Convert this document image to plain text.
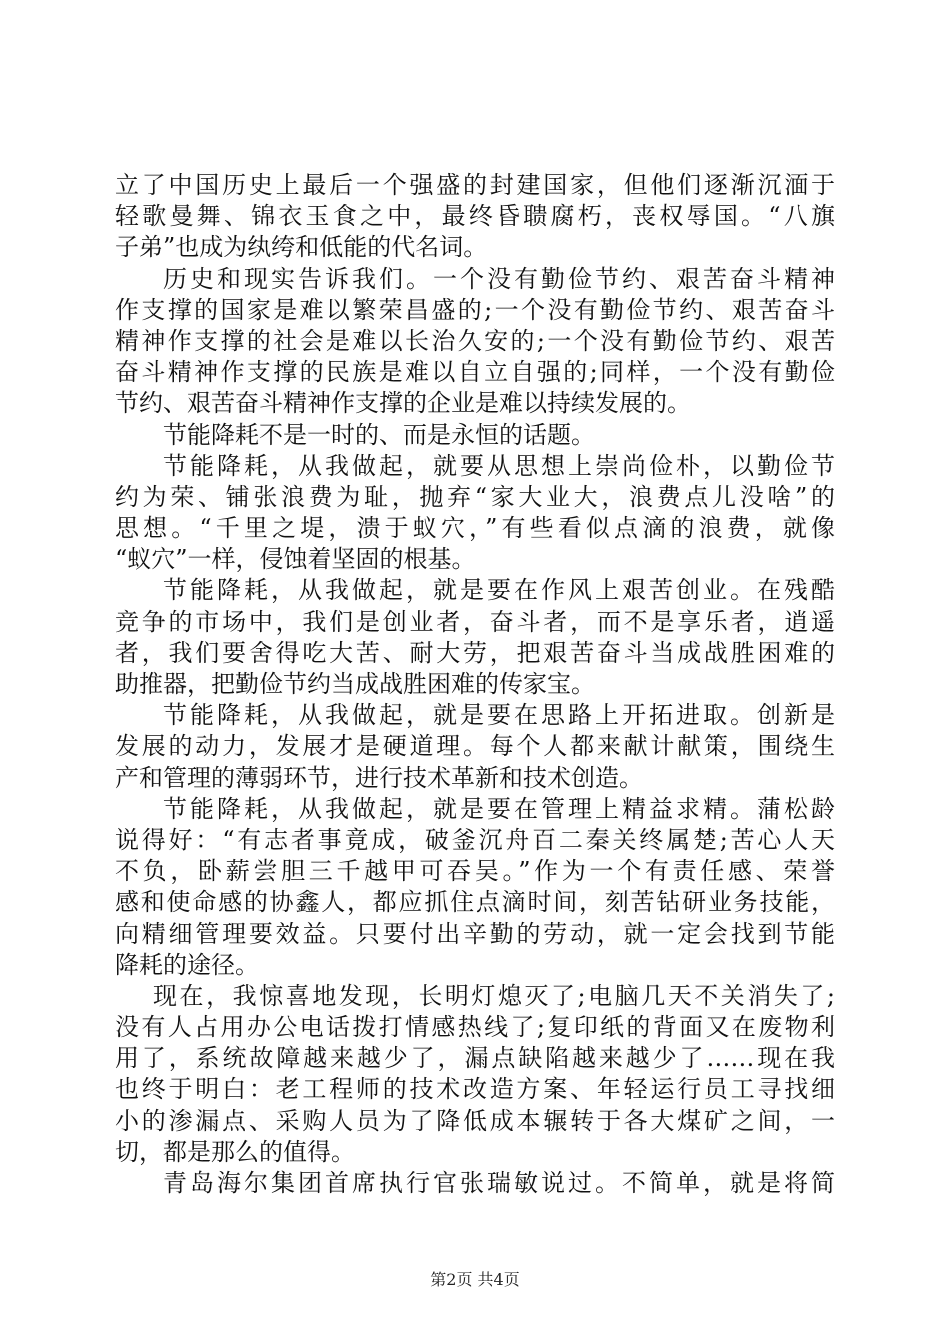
立了中国历史上最后一个强盛的封建国家，但他们逐渐沉湎于
轻歌曼舞、锦衣玉食之中，最终昏聩腐朽，丧权辱国。“八旗
子弟”也成为纨绔和低能的代名词。
历史和现实告诉我们。一个没有勤俭节约、艰苦奋斗精神
作支撑的国家是难以繁荣昌盛的;一个没有勤俭节约、艰苦奋斗
精神作支撑的社会是难以长治久安的;一个没有勤俭节约、艰苦
奋斗精神作支撑的民族是难以自立自强的;同样，一个没有勤俭
节约、艰苦奋斗精神作支撑的企业是难以持续发展的。
节能降耗不是一时的、而是永恒的话题。
节能降耗，从我做起，就要从思想上崇尚俭朴，以勤俭节
约为荣、铺张浪费为耻，抛弃“家大业大，浪费点儿没啥”的
思想。“千里之堤，溃于蚁穴，”有些看似点滴的浪费，就像
“蚁穴”一样，侵蚀着坚固的根基。
节能降耗，从我做起，就是要在作风上艰苦创业。在残酷
竞争的市场中，我们是创业者，奋斗者，而不是享乐者，逍遥
者，我们要舍得吃大苦、耐大劳，把艰苦奋斗当成战胜困难的
助推器，把勤俭节约当成战胜困难的传家宝。
节能降耗，从我做起，就是要在思路上开拓进取。创新是
发展的动力，发展才是硬道理。每个人都来献计献策，围绕生
产和管理的薄弱环节，进行技术革新和技术创造。
节能降耗，从我做起，就是要在管理上精益求精。蒲松龄
说得好：“有志者事竟成，破釜沉舟百二秦关终属楚;苦心人天
不负，卧薪尝胆三千越甲可吞吴。”作为一个有责任感、荣誉
感和使命感的协鑫人，都应抓住点滴时间，刻苦钻研业务技能，
向精细管理要效益。只要付出辛勤的劳动，就一定会找到节能
降耗的途径。
现在，我惊喜地发现，长明灯熄灭了;电脑几天不关消失了;
没有人占用办公电话拨打情感热线了;复印纸的背面又在废物利
用了，系统故障越来越少了，漏点缺陷越来越少了……现在我
也终于明白：老工程师的技术改造方案、年轻运行员工寻找细
小的渗漏点、采购人员为了降低成本辗转于各大煤矿之间，一
切，都是那么的值得。
青岛海尔集团首席执行官张瑞敏说过。不简单，就是将简
第2页 共4页
